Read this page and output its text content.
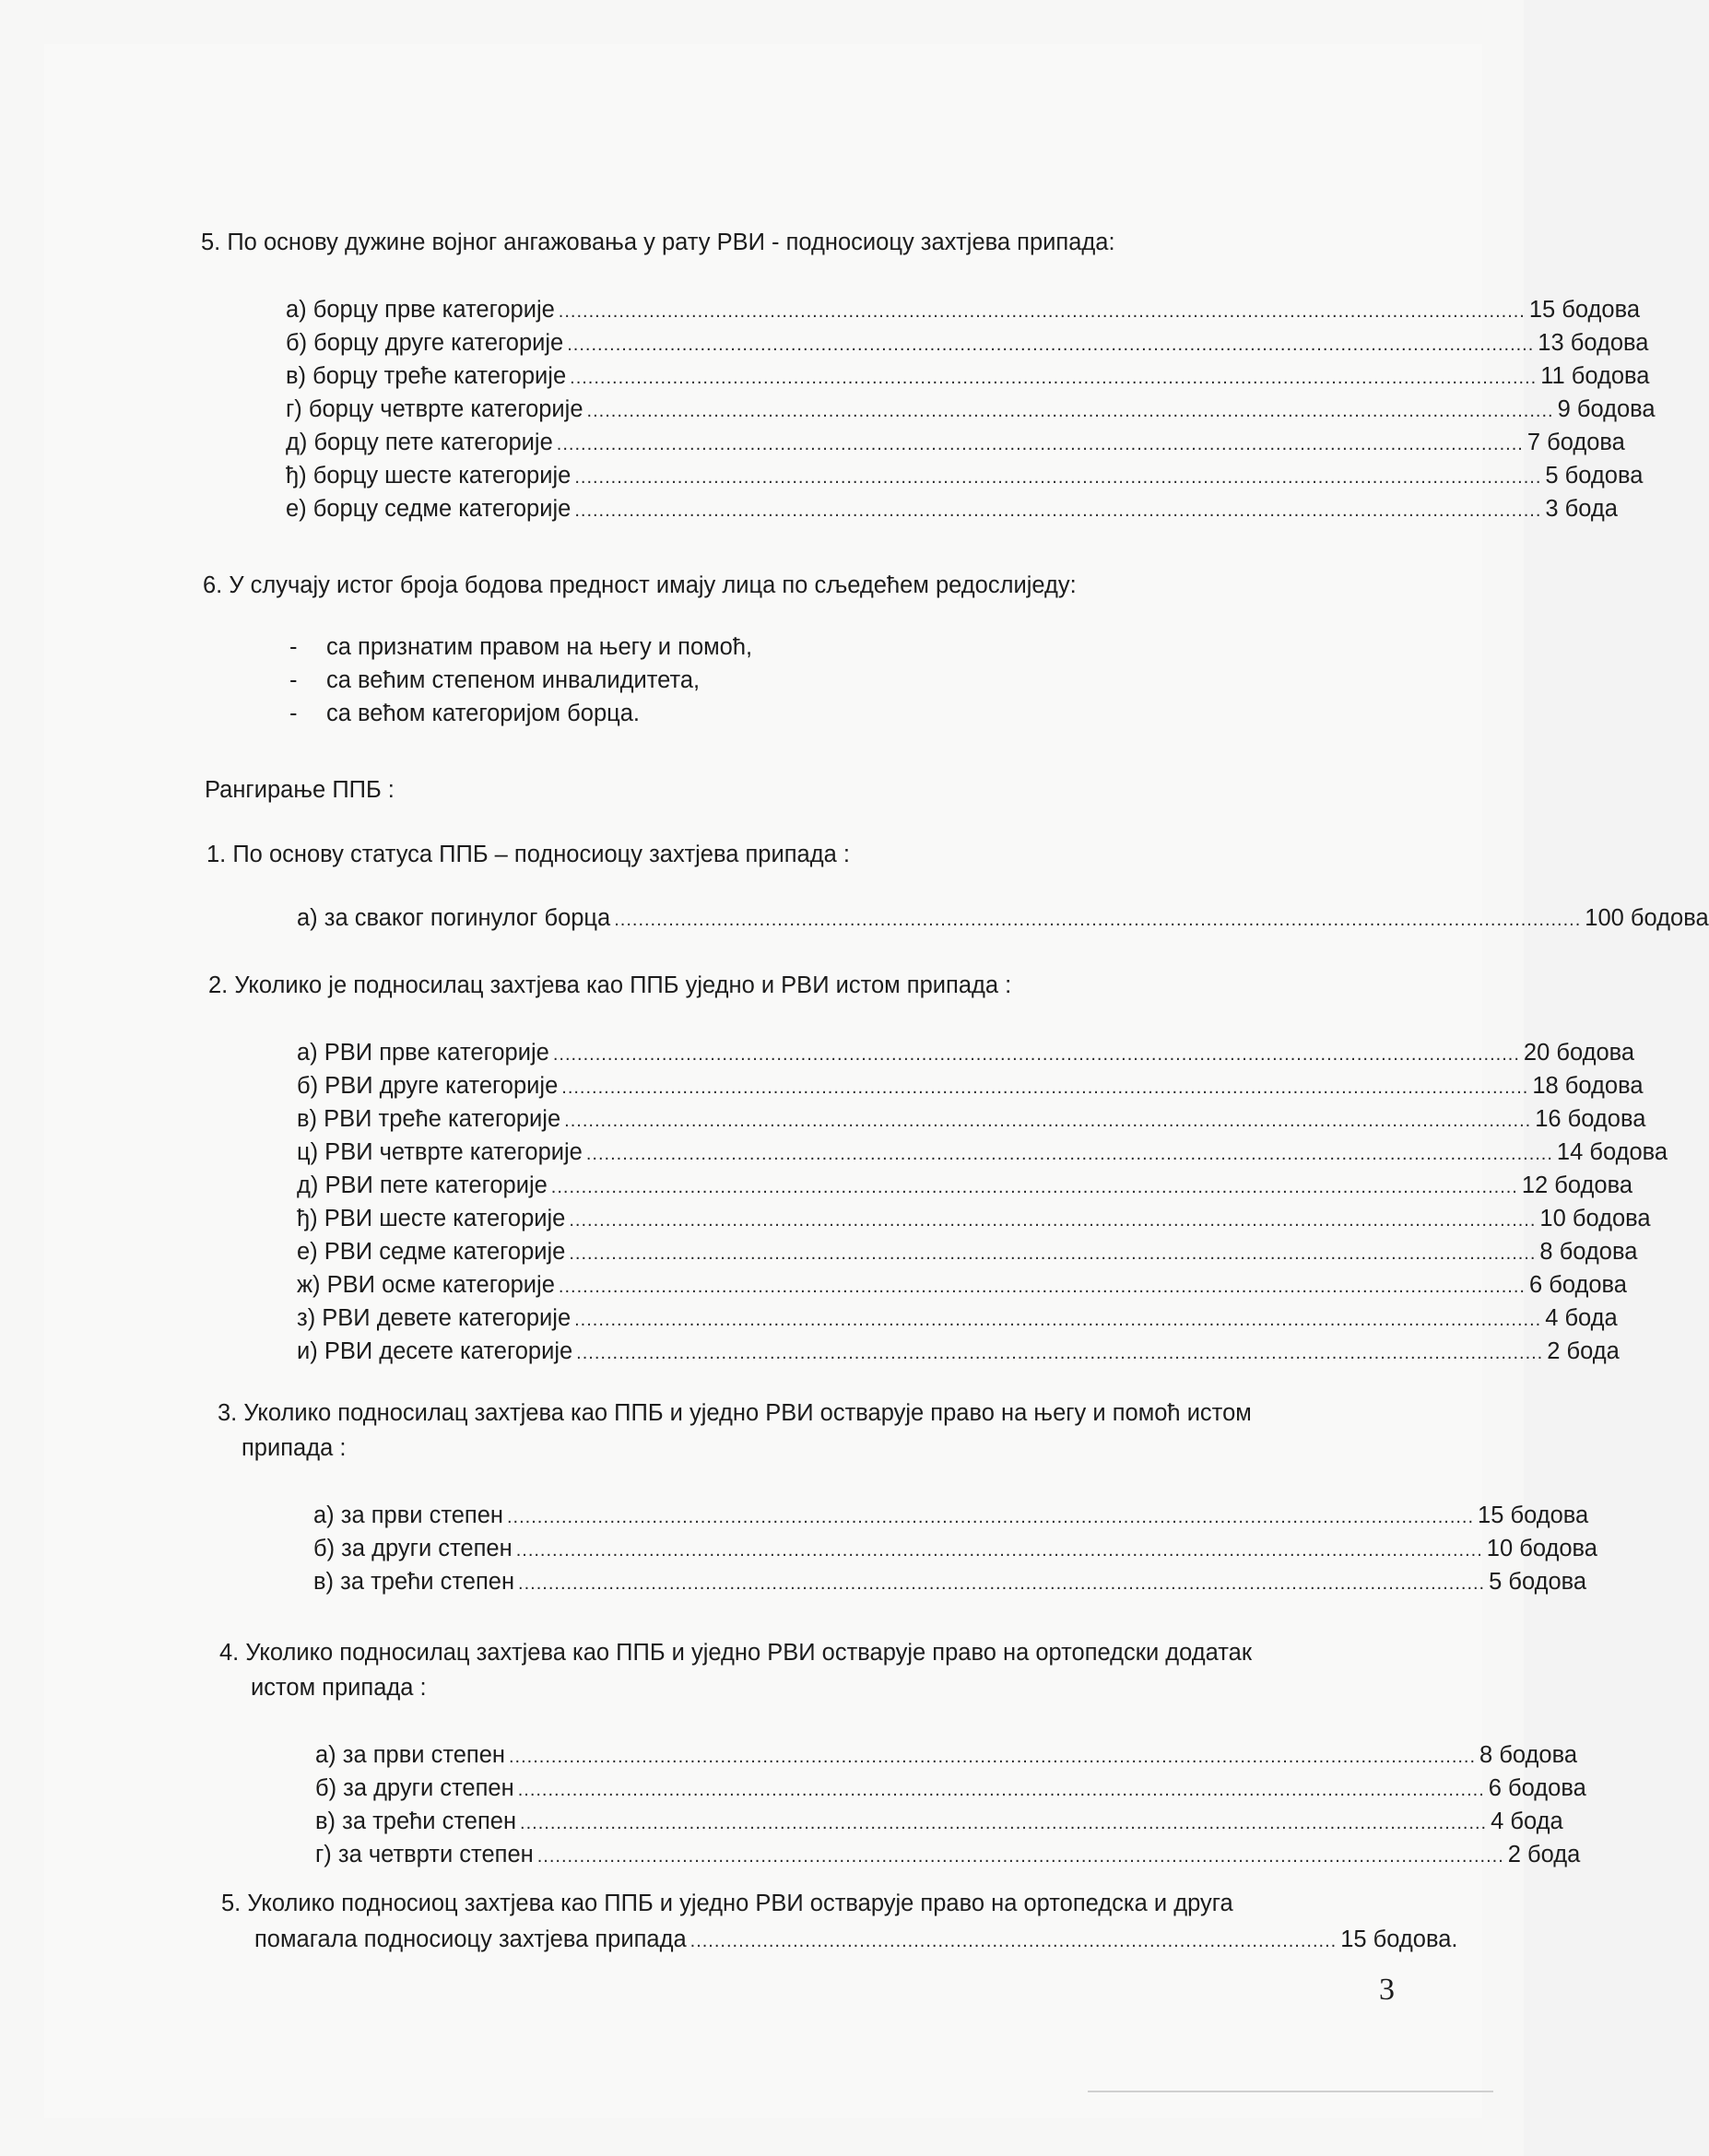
5. По основу дужине војног ангажовања у рату РВИ - подносиоцу захтјева припада:
а) борцу прве категорије ................................................................................................................................................................ 15 бодова
б) борцу друге категорије ................................................................................................................................................................ 13 бодова
в) борцу треће категорије ................................................................................................................................................................ 11 бодова
г) борцу четврте категорије ................................................................................................................................................................ 9 бодова
д) борцу пете категорије ................................................................................................................................................................ 7 бодова
ђ) борцу шесте категорије ................................................................................................................................................................ 5 бодова
е) борцу седме категорије ................................................................................................................................................................ 3 бода
6. У случају истог броја бодова предност имају лица по сљедећем редослиједу:
-	са признатим правом на његу и помоћ,
-	са већим степеном инвалидитета,
-	са већом категоријом борца.
Рангирање ППБ :
1. По основу статуса ППБ – подносиоцу захтјева припада :
а) за сваког погинулог борца ................................................................................................................................................................ 100 бодова
2. Уколико је подносилац захтјева као ППБ уједно и РВИ истом припада :
а) РВИ прве категорије ................................................................................................................................................................ 20 бодова
б) РВИ друге категорије ................................................................................................................................................................ 18 бодова
в) РВИ треће категорије ................................................................................................................................................................ 16 бодова
ц) РВИ четврте категорије ................................................................................................................................................................ 14 бодова
д) РВИ пете категорије ................................................................................................................................................................ 12 бодова
ђ) РВИ шесте категорије ................................................................................................................................................................ 10 бодова
е) РВИ седме категорије ................................................................................................................................................................ 8 бодова
ж) РВИ осме категорије ................................................................................................................................................................ 6 бодова
з) РВИ девете категорије ................................................................................................................................................................ 4 бода
и) РВИ десете категорије ................................................................................................................................................................ 2 бода
3. Уколико подносилац захтјева као ППБ и уједно РВИ остварује право на његу и помоћ истом
припада :
а) за први степен ................................................................................................................................................................ 15 бодова
б) за други степен ................................................................................................................................................................ 10 бодова
в) за трећи степен ................................................................................................................................................................ 5 бодова
4. Уколико подносилац захтјева као ППБ и уједно РВИ остварује право на ортопедски додатак
истом припада :
а) за први степен ................................................................................................................................................................ 8 бодова
б) за други степен ................................................................................................................................................................ 6 бодова
в) за трећи степен ................................................................................................................................................................ 4 бода
г) за четврти степен ................................................................................................................................................................ 2 бода
5. Уколико подносиоц захтјева као ППБ и уједно РВИ остварује право на ортопедска и друга
помагала подносиоцу захтјева припада ........................................................................................................... 15 бодова.
3
